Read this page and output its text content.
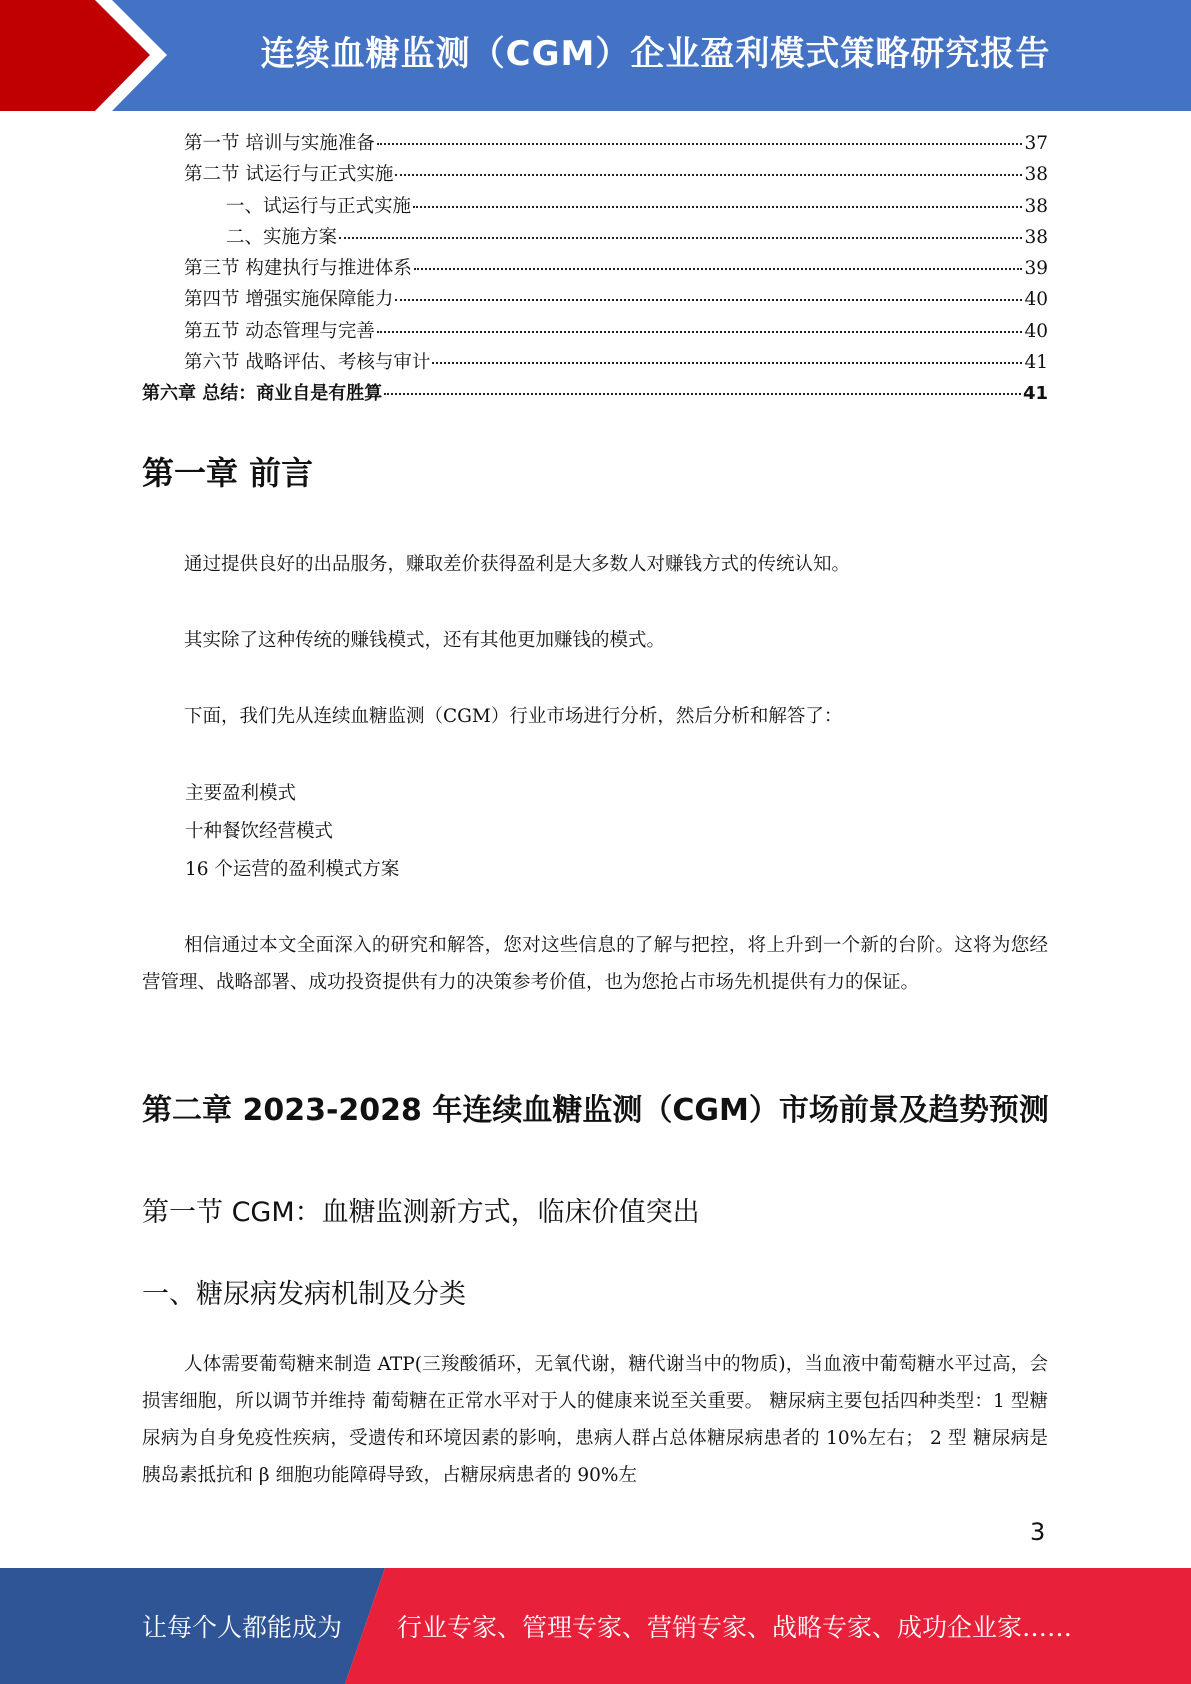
连续血糖监测（CGM）企业盈利模式策略研究报告
第一节 培训与实施准备	37
第二节 试运行与正式实施	38
一、试运行与正式实施	38
二、实施方案	38
第三节 构建执行与推进体系	39
第四节 增强实施保障能力	40
第五节 动态管理与完善	40
第六节 战略评估、考核与审计	41
第六章 总结：商业自是有胜算	41
第一章 前言
通过提供良好的出品服务，赚取差价获得盈利是大多数人对赚钱方式的传统认知。
其实除了这种传统的赚钱模式，还有其他更加赚钱的模式。
下面，我们先从连续血糖监测（CGM）行业市场进行分析，然后分析和解答了：
主要盈利模式
十种餐饮经营模式
16 个运营的盈利模式方案
相信通过本文全面深入的研究和解答，您对这些信息的了解与把控，将上升到一个新的台阶。这将为您经营管理、战略部署、成功投资提供有力的决策参考价值，也为您抢占市场先机提供有力的保证。
第二章 2023-2028 年连续血糖监测（CGM）市场前景及趋势预测
第一节 CGM：血糖监测新方式，临床价值突出
一、糖尿病发病机制及分类
人体需要葡萄糖来制造 ATP(三羧酸循环，无氧代谢，糖代谢当中的物质)，当血液中葡萄糖水平过高，会损害细胞，所以调节并维持 葡萄糖在正常水平对于人的健康来说至关重要。 糖尿病主要包括四种类型：1 型糖尿病为自身免疫性疾病，受遗传和环境因素的影响，患病人群占总体糖尿病患者的 10%左右； 2 型 糖尿病是胰岛素抵抗和 β 细胞功能障碍导致，占糖尿病患者的 90%左
3
让每个人都能成为 行业专家、管理专家、营销专家、战略专家、成功企业家……
